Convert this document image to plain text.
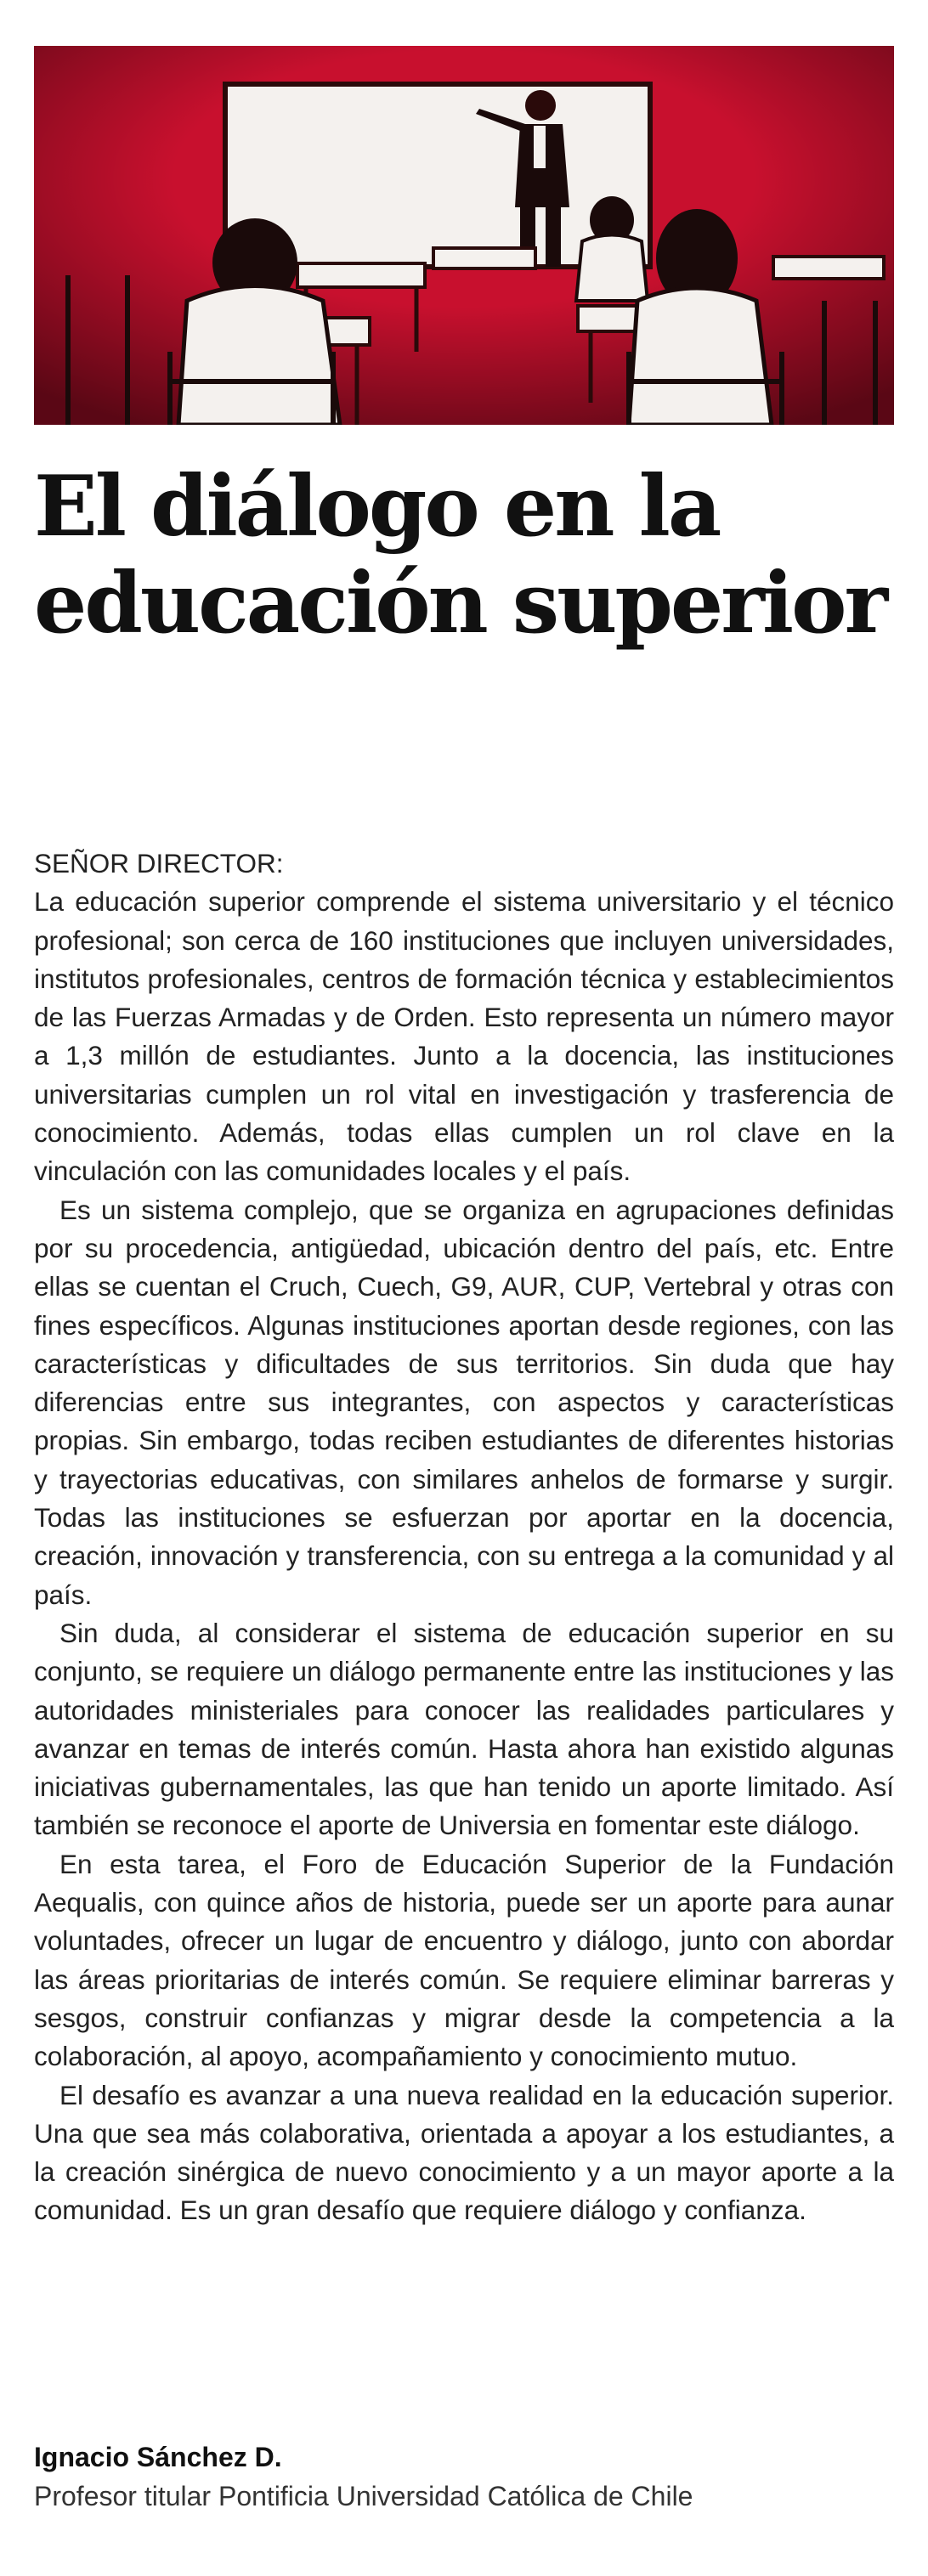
El diálogo en la educación superior

SEÑOR DIRECTOR:

La educación superior comprende el sistema universitario y el técnico profesional; son cerca de 160 instituciones que incluyen universidades, institutos profesionales, centros de formación técnica y establecimientos de las Fuerzas Armadas y de Orden. Esto representa un número mayor a 1,3 millón de estudiantes. Junto a la docencia, las instituciones universitarias cumplen un rol vital en investigación y trasferencia de conocimiento. Además, todas ellas cumplen un rol clave en la vinculación con las comunidades locales y el país.

Es un sistema complejo, que se organiza en agrupaciones definidas por su procedencia, antigüedad, ubicación dentro del país, etc. Entre ellas se cuentan el Cruch, Cuech, G9, AUR, CUP, Vertebral y otras con fines específicos. Algunas instituciones aportan desde regiones, con las características y dificultades de sus territorios. Sin duda que hay diferencias entre sus integrantes, con aspectos y características propias. Sin embargo, todas reciben estudiantes de diferentes historias y trayectorias educativas, con similares anhelos de formarse y surgir. Todas las instituciones se esfuerzan por aportar en la docencia, creación, innovación y transferencia, con su entrega a la comunidad y al país.

Sin duda, al considerar el sistema de educación superior en su conjunto, se requiere un diálogo permanente entre las instituciones y las autoridades ministeriales para conocer las realidades particulares y avanzar en temas de interés común. Hasta ahora han existido algunas iniciativas gubernamentales, las que han tenido un aporte limitado. Así también se reconoce el aporte de Universia en fomentar este diálogo.

En esta tarea, el Foro de Educación Superior de la Fundación Aequalis, con quince años de historia, puede ser un aporte para aunar voluntades, ofrecer un lugar de encuentro y diálogo, junto con abordar las áreas prioritarias de interés común. Se requiere eliminar barreras y sesgos, construir confianzas y migrar desde la competencia a la colaboración, al apoyo, acompañamiento y conocimiento mutuo.

El desafío es avanzar a una nueva realidad en la educación superior. Una que sea más colaborativa, orientada a apoyar a los estudiantes, a la creación sinérgica de nuevo conocimiento y a un mayor aporte a la comunidad. Es un gran desafío que requiere diálogo y confianza.

Ignacio Sánchez D.

Profesor titular Pontificia Universidad Católica de Chile
